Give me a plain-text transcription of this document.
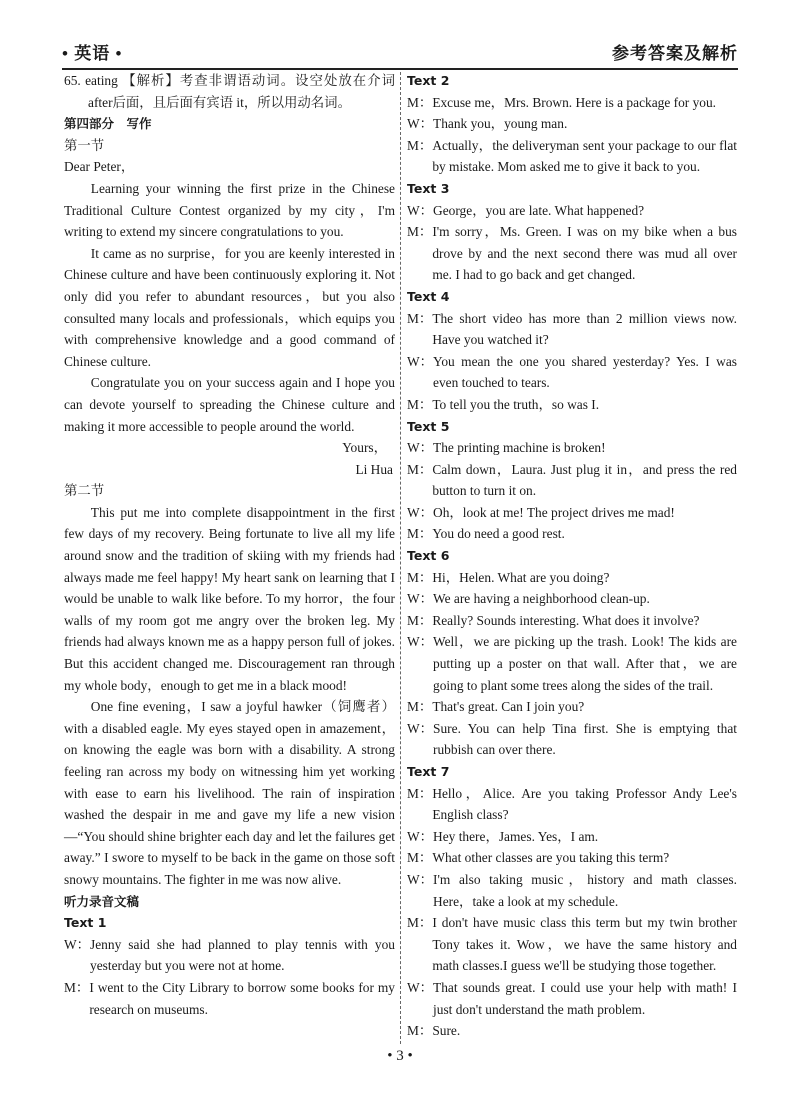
• 英语 •	参考答案及解析

65. eating 【解析】考查非谓语动词。设空处放在介词after后面，且后面有宾语 it，所以用动名词。

第四部分　写作

第一节

Dear Peter，

Learning your winning the first prize in the Chinese Traditional Culture Contest organized by my city，I'm writing to extend my sincere congratulations to you.

It came as no surprise，for you are keenly interested in Chinese culture and have been continuously exploring it. Not only did you refer to abundant resources，but you also consulted many locals and professionals，which equips you with comprehensive knowledge and a good command of Chinese culture.

Congratulate you on your success again and I hope you can devote yourself to spreading the Chinese culture and making it more accessible to people around the world.

Yours，

Li Hua

第二节

This put me into complete disappointment in the first few days of my recovery. Being fortunate to live all my life around snow and the tradition of skiing with my friends had always made me feel happy! My heart sank on learning that I would be unable to walk like before. To my horror，the four walls of my room got me angry over the broken leg. My friends had always known me as a happy person full of jokes. But this accident changed me. Discouragement ran through my whole body，enough to get me in a black mood!

One fine evening，I saw a joyful hawker（饲鹰者） with a disabled eagle. My eyes stayed open in amazement，on knowing the eagle was born with a disability. A strong feeling ran across my body on witnessing him yet working with ease to earn his livelihood. The rain of inspiration washed the despair in me and gave my life a new vision—“You should shine brighter each day and let the failures get away.” I swore to myself to be back in the game on those soft snowy mountains. The fighter in me was now alive.

听力录音文稿

Text 1

W： Jenny said she had planned to play tennis with you yesterday but you were not at home.
M： I went to the City Library to borrow some books for my research on museums.

Text 2

M： Excuse me，Mrs. Brown. Here is a package for you.
W： Thank you，young man.
M： Actually，the deliveryman sent your package to our flat by mistake. Mom asked me to give it back to you.

Text 3

W： George，you are late. What happened?
M： I'm sorry，Ms. Green. I was on my bike when a bus drove by and the next second there was mud all over me. I had to go back and get changed.

Text 4

M： The short video has more than 2 million views now. Have you watched it?
W： You mean the one you shared yesterday? Yes. I was even touched to tears.
M： To tell you the truth，so was I.

Text 5

W： The printing machine is broken!
M： Calm down，Laura. Just plug it in，and press the red button to turn it on.
W： Oh，look at me! The project drives me mad!
M： You do need a good rest.

Text 6

M： Hi，Helen. What are you doing?
W： We are having a neighborhood clean-up.
M： Really? Sounds interesting. What does it involve?
W： Well，we are picking up the trash. Look! The kids are putting up a poster on that wall. After that，we are going to plant some trees along the sides of the trail.
M： That's great. Can I join you?
W： Sure. You can help Tina first. She is emptying that rubbish can over there.

Text 7

M： Hello，Alice. Are you taking Professor Andy Lee's English class?
W： Hey there，James. Yes，I am.
M： What other classes are you taking this term?
W： I'm also taking music，history and math classes. Here，take a look at my schedule.
M： I don't have music class this term but my twin brother Tony takes it. Wow，we have the same history and math classes.I guess we'll be studying those together.
W： That sounds great. I could use your help with math! I just don't understand the math problem.
M： Sure.
• 3 •
